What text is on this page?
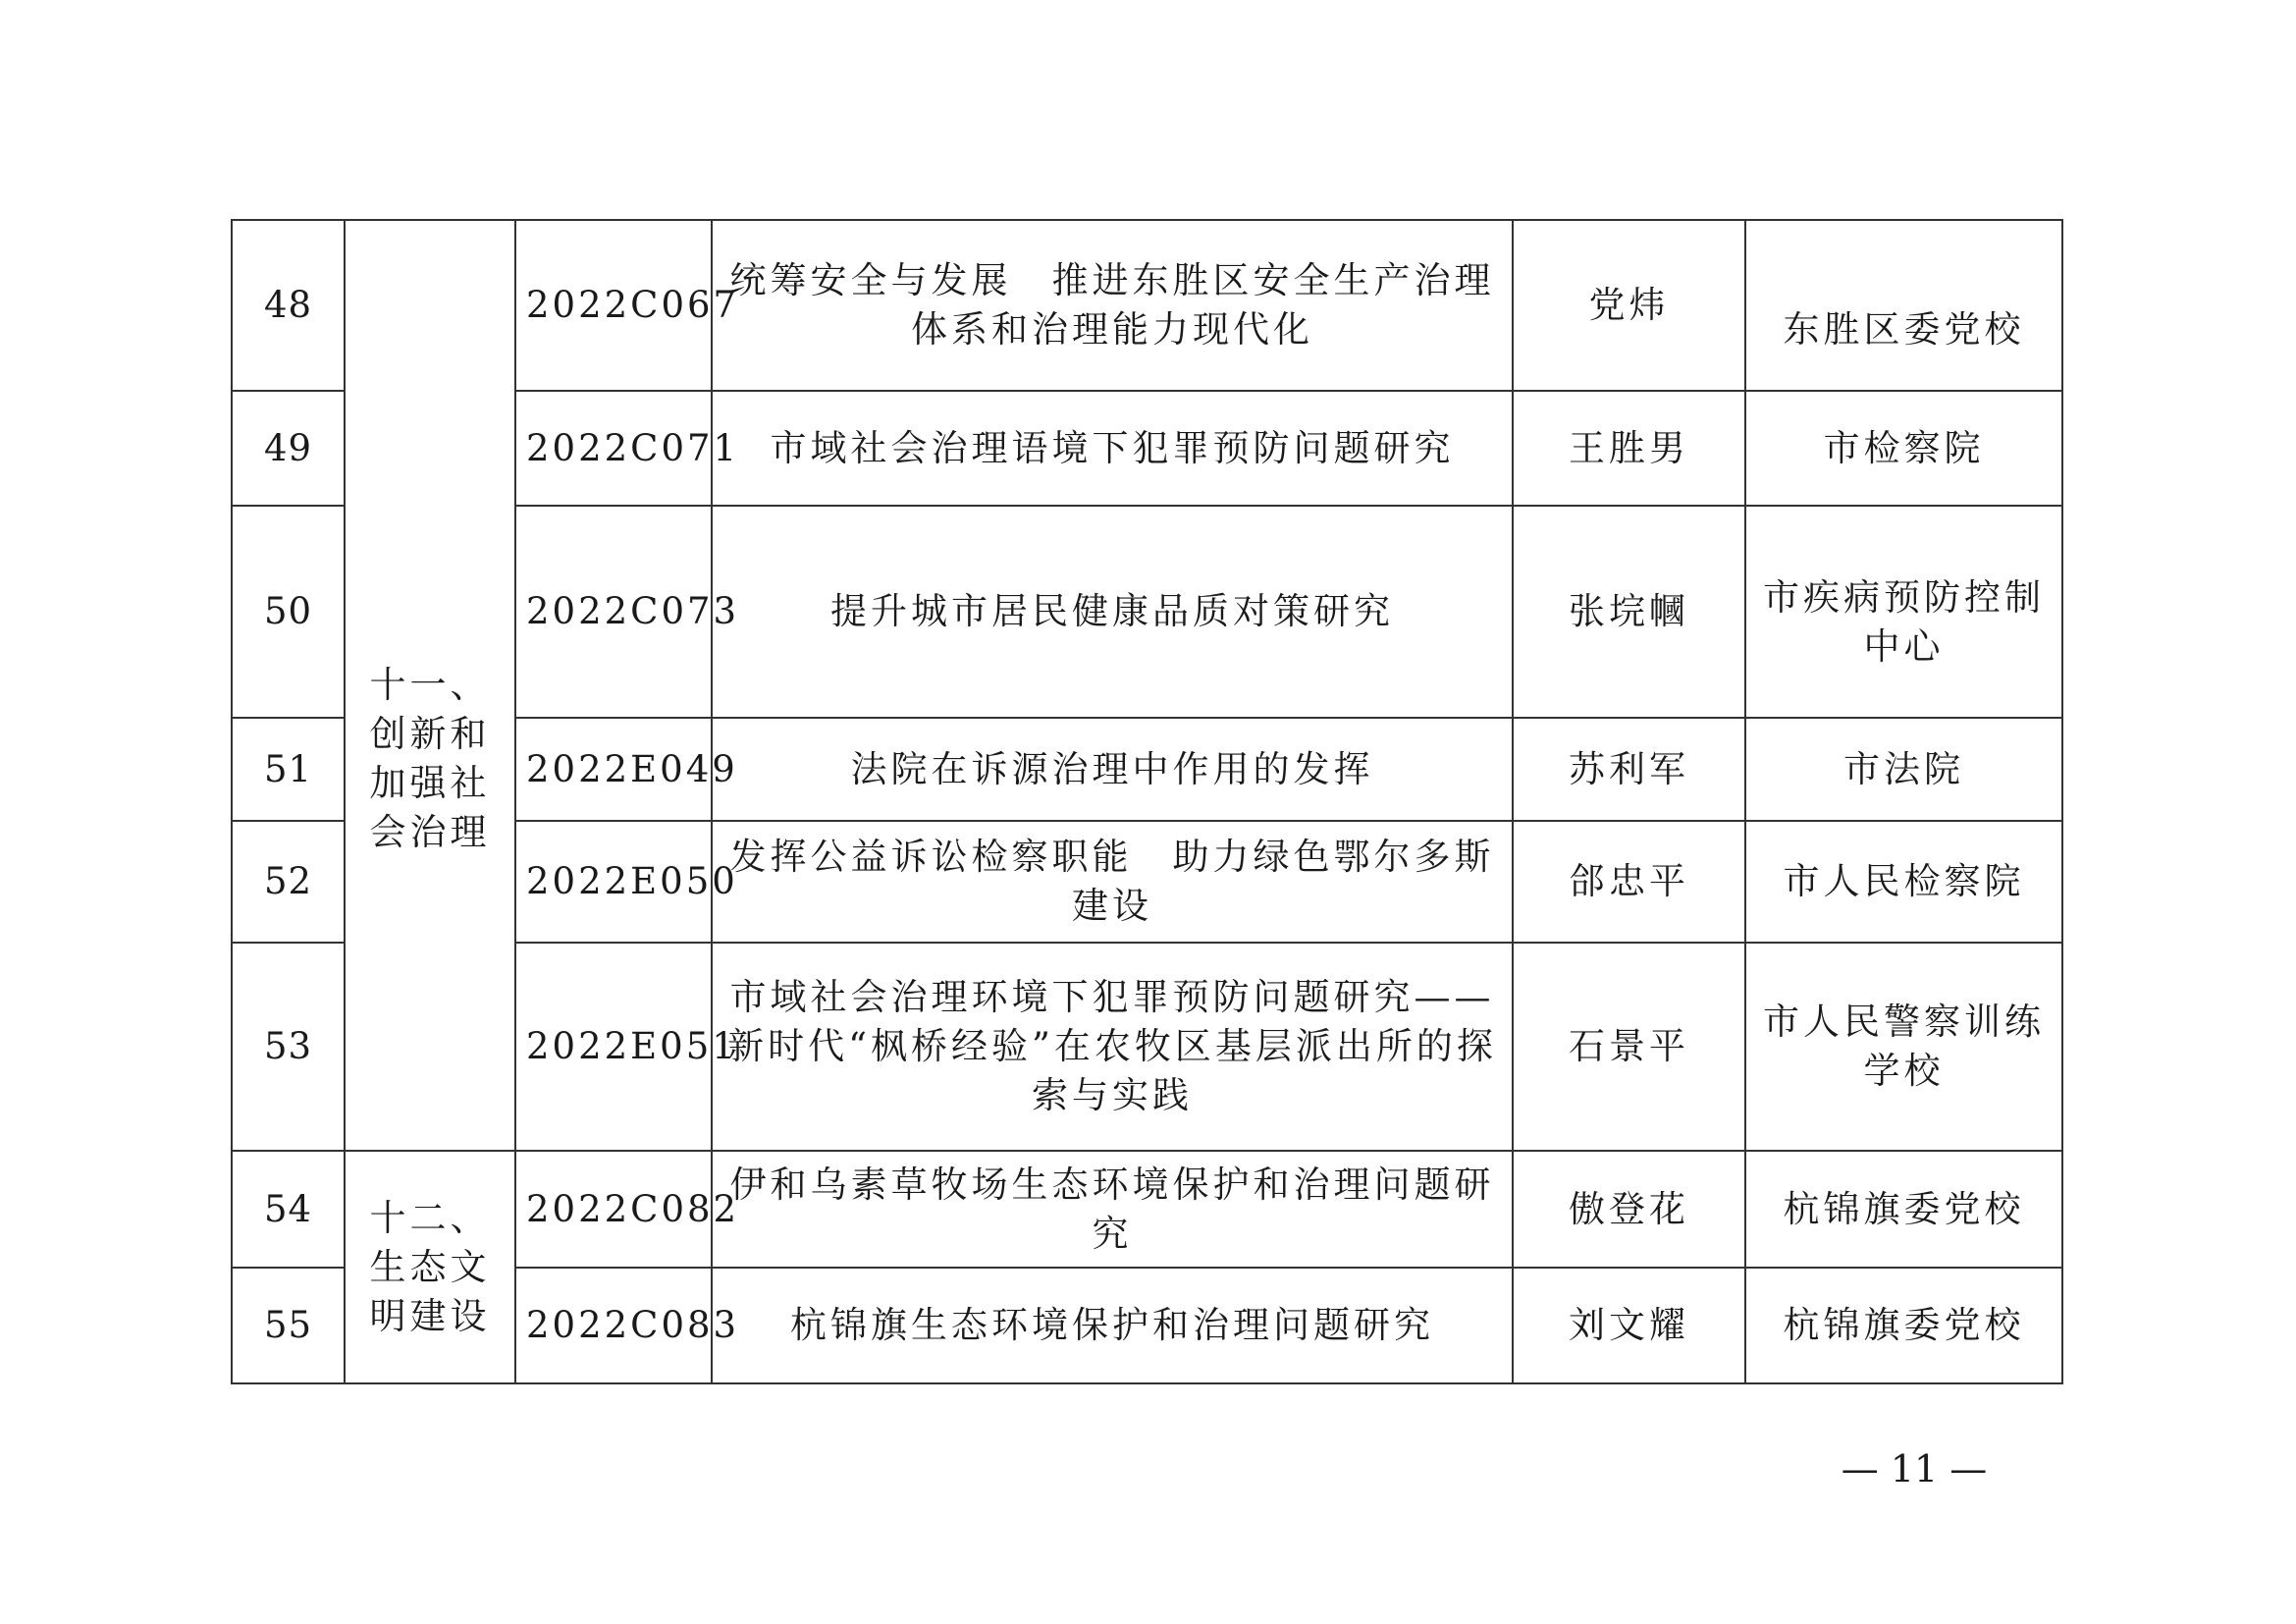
48	十一、创新和加强社会治理	2022C067	统筹安全与发展　推进东胜区安全生产治理体系和治理能力现代化	党炜	东胜区委党校
49		2022C071	市域社会治理语境下犯罪预防问题研究	王胜男	市检察院
50		2022C073	提升城市居民健康品质对策研究	张垸幗	市疾病预防控制中心
51		2022E049	法院在诉源治理中作用的发挥	苏利军	市法院
52		2022E050	发挥公益诉讼检察职能　助力绿色鄂尔多斯建设	郃忠平	市人民检察院
53		2022E051	市域社会治理环境下犯罪预防问题研究——新时代“枫桥经验”在农牧区基层派出所的探索与实践	石景平	市人民警察训练学校
54	十二、生态文明建设	2022C082	伊和乌素草牧场生态环境保护和治理问题研究	傲登花	杭锦旗委党校
55		2022C083	杭锦旗生态环境保护和治理问题研究	刘文耀	杭锦旗委党校
— 11 —
